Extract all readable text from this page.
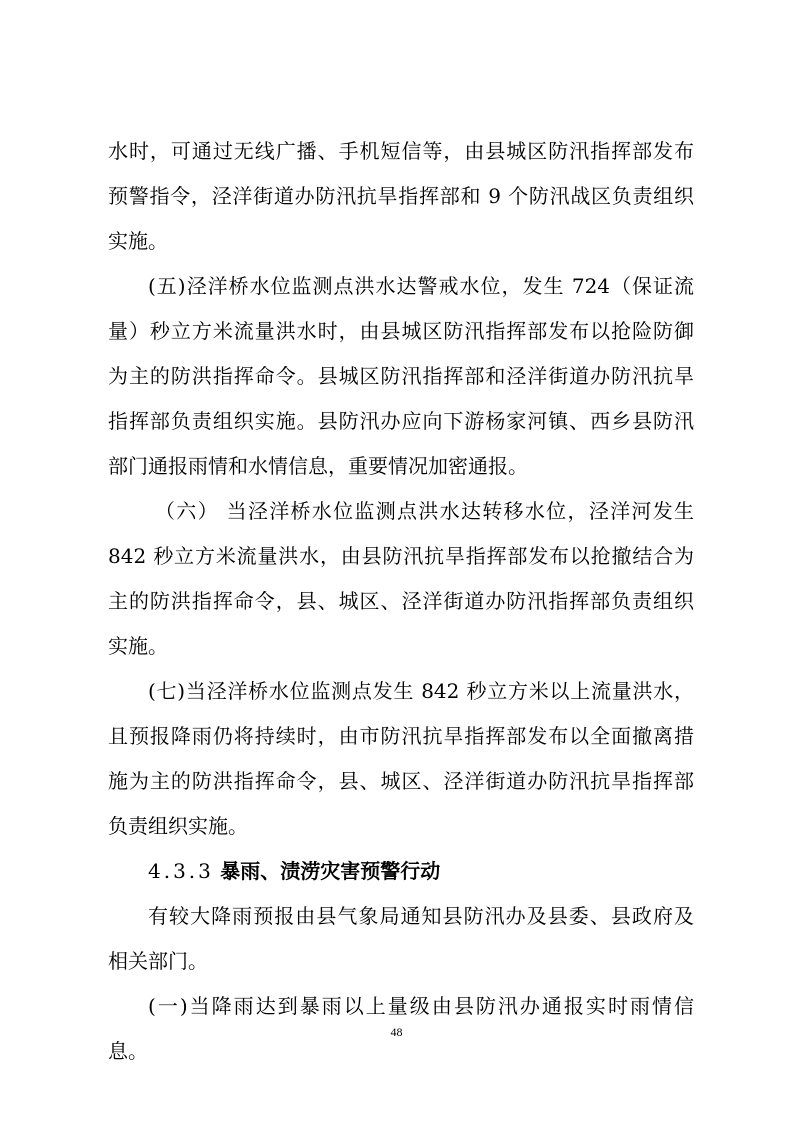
水时，可通过无线广播、手机短信等，由县城区防汛指挥部发布
预警指令，泾洋街道办防汛抗旱指挥部和 9 个防汛战区负责组织
实施。
(五)泾洋桥水位监测点洪水达警戒水位，发生 724（保证流
量）秒立方米流量洪水时，由县城区防汛指挥部发布以抢险防御
为主的防洪指挥命令。县城区防汛指挥部和泾洋街道办防汛抗旱
指挥部负责组织实施。县防汛办应向下游杨家河镇、西乡县防汛
部门通报雨情和水情信息，重要情况加密通报。
（六） 当泾洋桥水位监测点洪水达转移水位，泾洋河发生
842 秒立方米流量洪水，由县防汛抗旱指挥部发布以抢撤结合为
主的防洪指挥命令，县、城区、泾洋街道办防汛指挥部负责组织
实施。
(七)当泾洋桥水位监测点发生 842 秒立方米以上流量洪水，
且预报降雨仍将持续时，由市防汛抗旱指挥部发布以全面撤离措
施为主的防洪指挥命令，县、城区、泾洋街道办防汛抗旱指挥部
负责组织实施。
4.3.3 暴雨、渍涝灾害预警行动
有较大降雨预报由县气象局通知县防汛办及县委、县政府及
相关部门。
(一)当降雨达到暴雨以上量级由县防汛办通报实时雨情信
息。
48
